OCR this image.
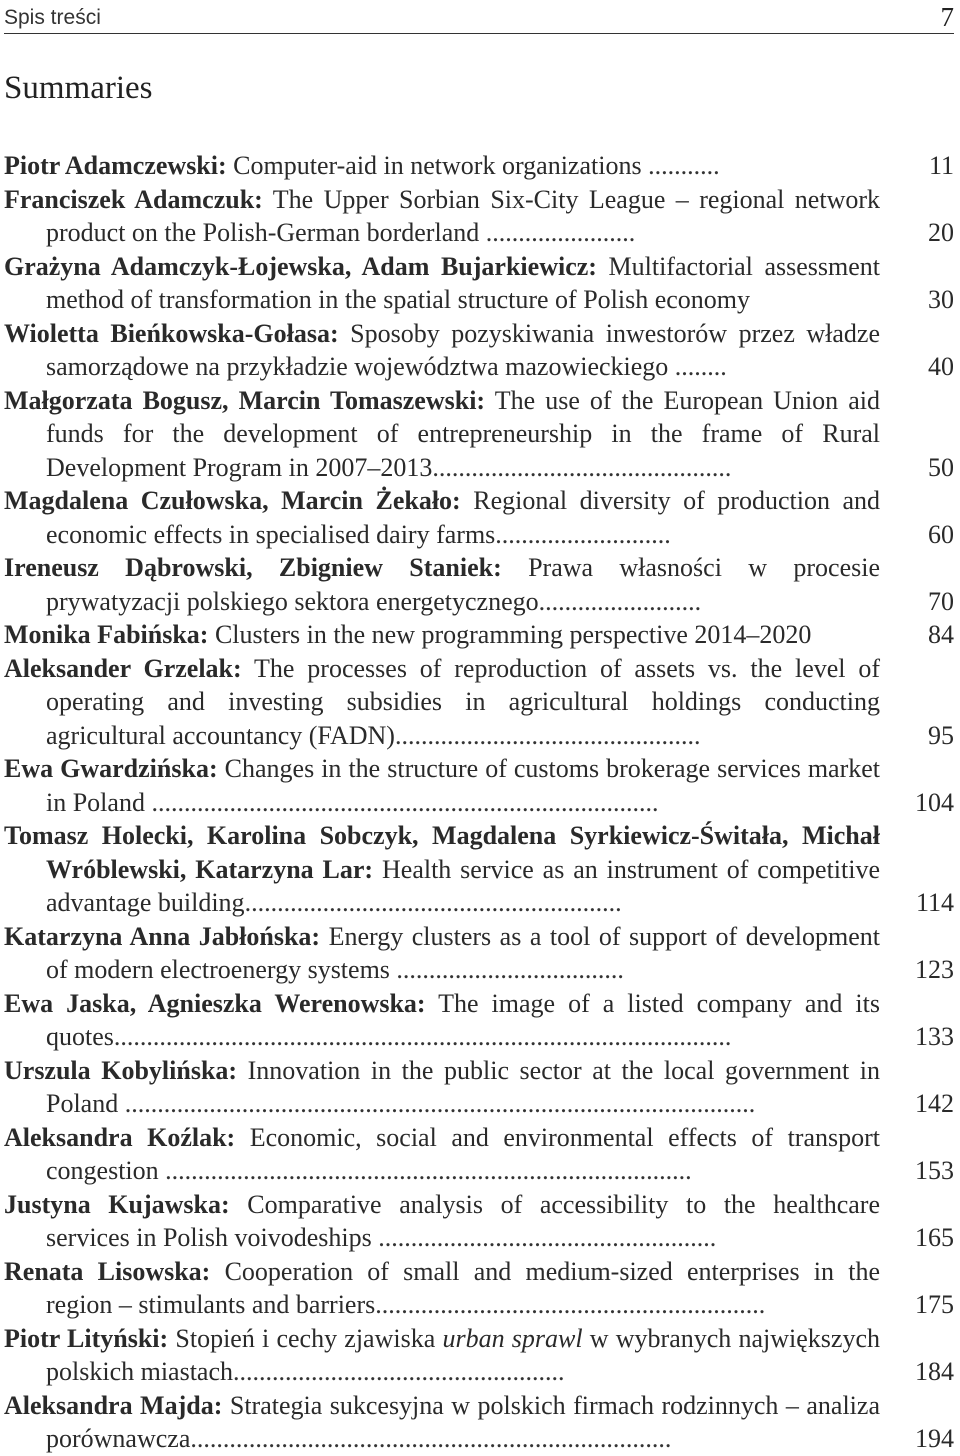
Spis treści	7
Summaries
Piotr Adamczewski: Computer-aid in network organizations ...........	11
Franciszek Adamczuk: The Upper Sorbian Six-City League – regional network product on the Polish-German borderland .......................	20
Grażyna Adamczyk-Łojewska, Adam Bujarkiewicz: Multifactorial assessment method of transformation in the spatial structure of Polish economy	30
Wioletta Bieńkowska-Gołasa: Sposoby pozyskiwania inwestorów przez władze samorządowe na przykładzie województwa mazowieckiego ........	40
Małgorzata Bogusz, Marcin Tomaszewski: The use of the European Union aid funds for the development of entrepreneurship in the frame of Rural Development Program in 2007–2013..............................................	50
Magdalena Czułowska, Marcin Żekało: Regional diversity of production and economic effects in specialised dairy farms...........................	60
Ireneusz Dąbrowski, Zbigniew Staniek: Prawa własności w procesie prywatyzacji polskiego sektora energetycznego.........................	70
Monika Fabińska: Clusters in the new programming perspective 2014–2020	84
Aleksander Grzelak: The processes of reproduction of assets vs. the level of operating and investing subsidies in agricultural holdings conducting agricultural accountancy (FADN)...............................................	95
Ewa Gwardzińska: Changes in the structure of customs brokerage services market in Poland ..............................................................................	104
Tomasz Holecki, Karolina Sobczyk, Magdalena Syrkiewicz-Świtała, Michał Wróblewski, Katarzyna Lar: Health service as an instrument of competitive advantage building..........................................................	114
Katarzyna Anna Jabłońska: Energy clusters as a tool of support of development of modern electroenergy systems ...................................	123
Ewa Jaska, Agnieszka Werenowska: The image of a listed company and its quotes...............................................................................................	133
Urszula Kobylińska: Innovation in the public sector at the local government in Poland .................................................................................................	142
Aleksandra Koźlak: Economic, social and environmental effects of transport congestion .................................................................................	153
Justyna Kujawska: Comparative analysis of accessibility to the healthcare services in Polish voivodeships ....................................................	165
Renata Lisowska: Cooperation of small and medium-sized enterprises in the region – stimulants and barriers............................................................	175
Piotr Lityński: Stopień i cechy zjawiska urban sprawl w wybranych największych polskich miastach...................................................	184
Aleksandra Majda: Strategia sukcesyjna w polskich firmach rodzinnych – analiza porównawcza..........................................................................	194
